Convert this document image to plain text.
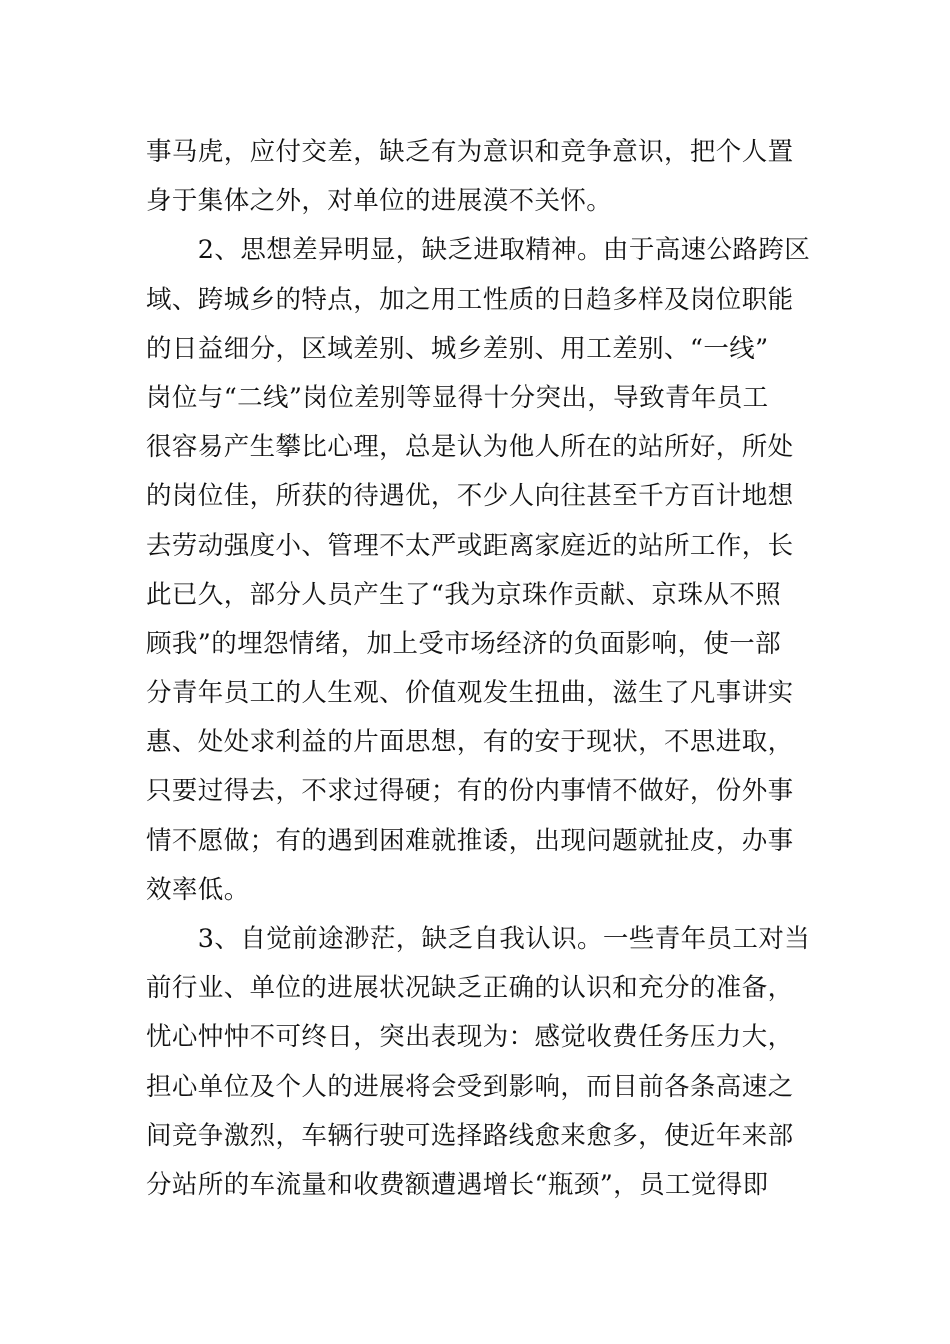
事马虎，应付交差，缺乏有为意识和竞争意识，把个人置
身于集体之外，对单位的进展漠不关怀。
　　2、思想差异明显，缺乏进取精神。由于高速公路跨区
域、跨城乡的特点，加之用工性质的日趋多样及岗位职能
的日益细分，区域差别、城乡差别、用工差别、“一线”
岗位与“二线”岗位差别等显得十分突出，导致青年员工
很容易产生攀比心理，总是认为他人所在的站所好，所处
的岗位佳，所获的待遇优，不少人向往甚至千方百计地想
去劳动强度小、管理不太严或距离家庭近的站所工作，长
此已久，部分人员产生了“我为京珠作贡献、京珠从不照
顾我”的埋怨情绪，加上受市场经济的负面影响，使一部
分青年员工的人生观、价值观发生扭曲，滋生了凡事讲实
惠、处处求利益的片面思想，有的安于现状，不思进取，
只要过得去，不求过得硬；有的份内事情不做好，份外事
情不愿做；有的遇到困难就推诿，出现问题就扯皮，办事
效率低。
　　3、自觉前途渺茫，缺乏自我认识。一些青年员工对当
前行业、单位的进展状况缺乏正确的认识和充分的准备，
忧心忡忡不可终日，突出表现为：感觉收费任务压力大，
担心单位及个人的进展将会受到影响，而目前各条高速之
间竞争激烈，车辆行驶可选择路线愈来愈多，使近年来部
分站所的车流量和收费额遭遇增长“瓶颈”，员工觉得即
